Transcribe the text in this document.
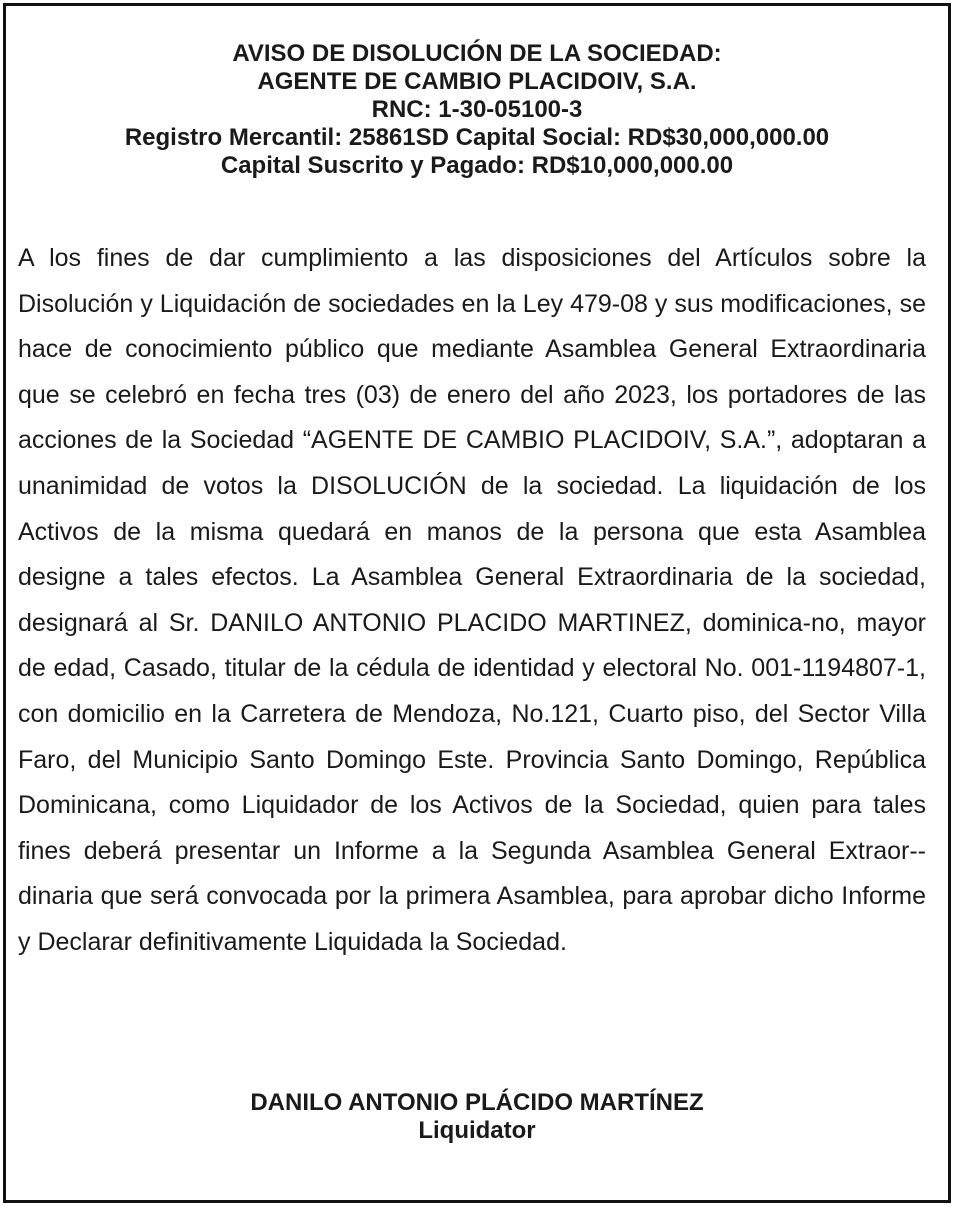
AVISO DE DISOLUCIÓN DE LA SOCIEDAD:
AGENTE DE CAMBIO PLACIDOIV, S.A.
RNC: 1-30-05100-3
Registro Mercantil: 25861SD Capital Social: RD$30,000,000.00
Capital Suscrito y Pagado: RD$10,000,000.00

A los fines de dar cumplimiento a las disposiciones del Artículos sobre la Disolución y Liquidación de sociedades en la Ley 479-08 y sus modificaciones, se hace de conocimiento público que mediante Asamblea General Extraordinaria que se celebró en fecha tres (03) de enero del año 2023, los portadores de las acciones de la Sociedad “AGENTE DE CAMBIO PLACIDOIV, S.A.”, adoptaran a unanimidad de votos la DISOLUCIÓN de la sociedad. La liquidación de los Activos de la misma quedará en manos de la persona que esta Asamblea designe a tales efectos. La Asamblea General Extraordinaria de la sociedad, designará al Sr. DANILO ANTONIO PLACIDO MARTINEZ, dominica-no, mayor de edad, Casado, titular de la cédula de identidad y electoral No. 001-1194807-1, con domicilio en la Carretera de Mendoza, No.121, Cuarto piso, del Sector Villa Faro, del Municipio Santo Domingo Este. Provincia Santo Domingo, República Dominicana, como Liquidador de los Activos de la Sociedad, quien para tales fines deberá presentar un Informe a la Segunda Asamblea General Extraor-dinaria que será convocada por la primera Asamblea, para aprobar dicho Informe y Declarar definitivamente Liquidada la Sociedad.

DANILO ANTONIO PLÁCIDO MARTÍNEZ
Liquidator
